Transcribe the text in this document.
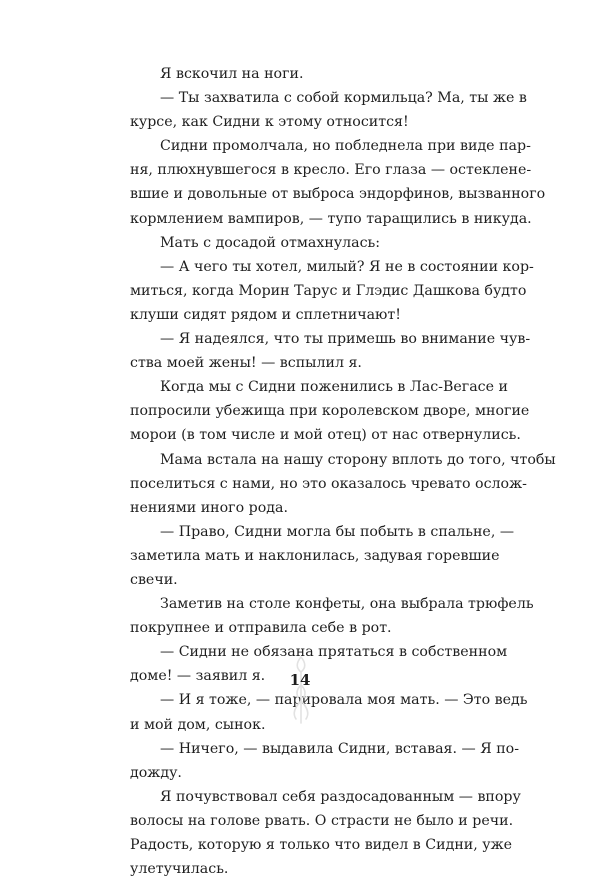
Я вскочил на ноги.
— Ты захватила с собой кормильца? Ма, ты же в
курсе, как Сидни к этому относится!
Сидни промолчала, но побледнела при виде пар-
ня, плюхнувшегося в кресло. Его глаза — остеклене-
вшие и довольные от выброса эндорфинов, вызванного
кормлением вампиров, — тупо таращились в никуда.
Мать с досадой отмахнулась:
— А чего ты хотел, милый? Я не в состоянии кор-
миться, когда Морин Тарус и Глэдис Дашкова будто
клуши сидят рядом и сплетничают!
— Я надеялся, что ты примешь во внимание чув-
ства моей жены! — вспылил я.
Когда мы с Сидни поженились в Лас-Вегасе и
попросили убежища при королевском дворе, многие
морои (в том числе и мой отец) от нас отвернулись.
Мама встала на нашу сторону вплоть до того, чтобы
поселиться с нами, но это оказалось чревато ослож-
нениями иного рода.
— Право, Сидни могла бы побыть в спальне, —
заметила мать и наклонилась, задувая горевшие
свечи.
Заметив на столе конфеты, она выбрала трюфель
покрупнее и отправила себе в рот.
— Сидни не обязана прятаться в собственном
доме! — заявил я.
— И я тоже, — парировала моя мать. — Это ведь
и мой дом, сынок.
— Ничего, — выдавила Сидни, вставая. — Я по-
дожду.
Я почувствовал себя раздосадованным — впору
волосы на голове рвать. О страсти не было и речи.
Радость, которую я только что видел в Сидни, уже
улетучилась.
14
